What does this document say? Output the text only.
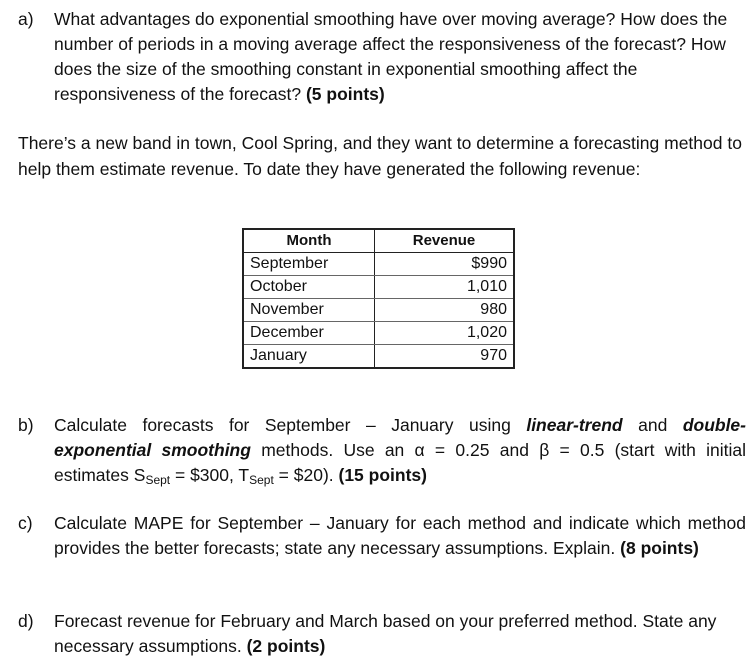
a) What advantages do exponential smoothing have over moving average? How does the number of periods in a moving average affect the responsiveness of the forecast? How does the size of the smoothing constant in exponential smoothing affect the responsiveness of the forecast? (5 points)
There’s a new band in town, Cool Spring, and they want to determine a forecasting method to help them estimate revenue. To date they have generated the following revenue:
Month	Revenue
September	$990
October	1,010
November	980
December	1,020
January	970
b) Calculate forecasts for September – January using linear-trend and double-exponential smoothing methods. Use an α = 0.25 and β = 0.5 (start with initial estimates $S_{Sept}$ = $300, $T_{Sept}$ = $20). (15 points)
c) Calculate MAPE for September – January for each method and indicate which method provides the better forecasts; state any necessary assumptions. Explain. (8 points)
d) Forecast revenue for February and March based on your preferred method. State any necessary assumptions. (2 points)
